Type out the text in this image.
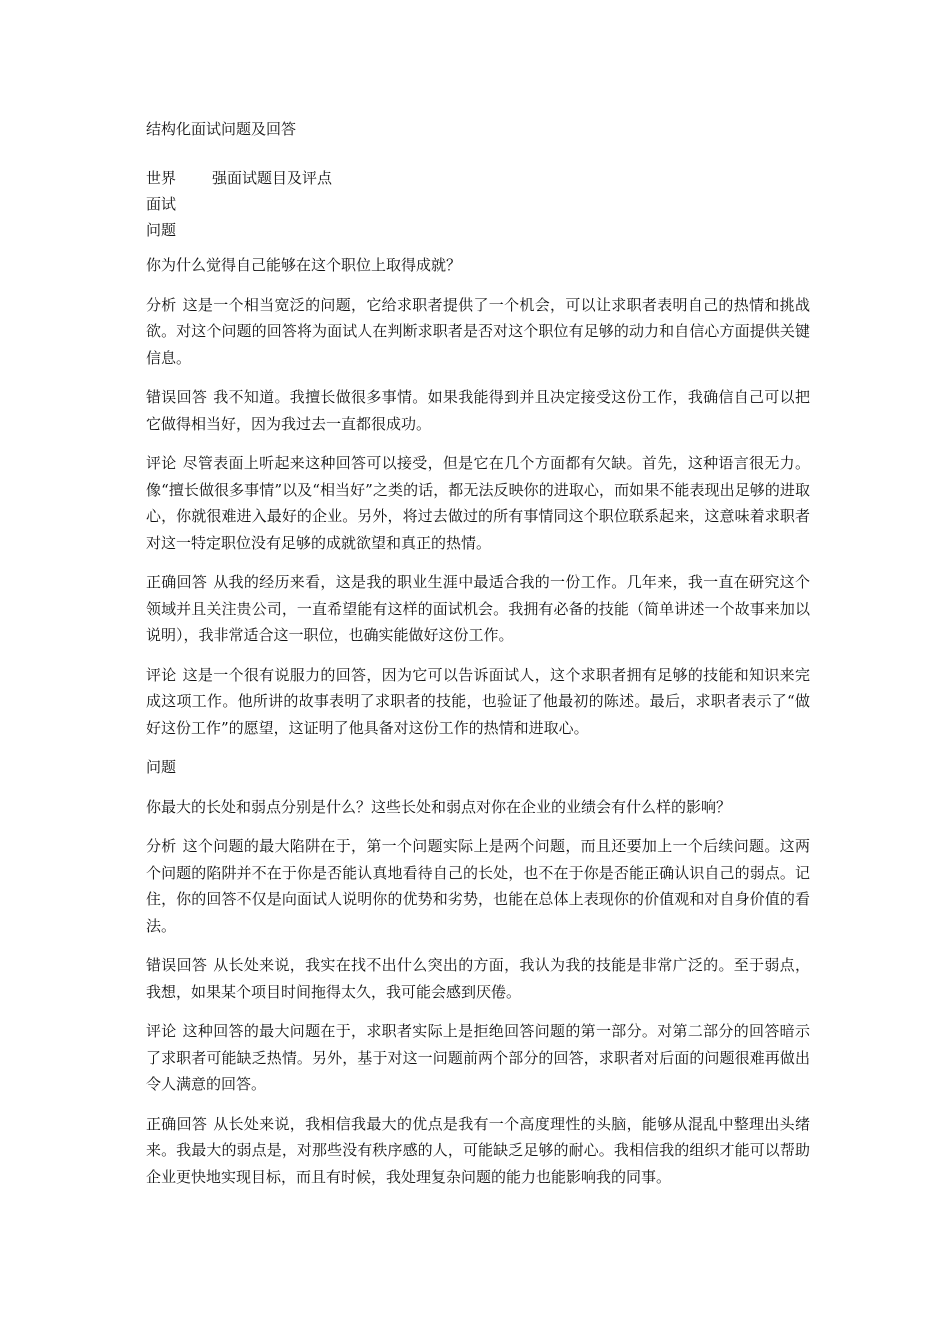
结构化面试问题及回答
世界
面试
问题
强面试题目及评点

你为什么觉得自己能够在这个职位上取得成就？

分析 这是一个相当宽泛的问题，它给求职者提供了一个机会，可以让求职者表明自己的热情和挑战欲。对这个问题的回答将为面试人在判断求职者是否对这个职位有足够的动力和自信心方面提供关键信息。

错误回答 我不知道。我擅长做很多事情。如果我能得到并且决定接受这份工作，我确信自己可以把它做得相当好，因为我过去一直都很成功。

评论 尽管表面上听起来这种回答可以接受，但是它在几个方面都有欠缺。首先，这种语言很无力。像“擅长做很多事情”以及“相当好”之类的话，都无法反映你的进取心，而如果不能表现出足够的进取心，你就很难进入最好的企业。另外，将过去做过的所有事情同这个职位联系起来，这意味着求职者对这一特定职位没有足够的成就欲望和真正的热情。

正确回答 从我的经历来看，这是我的职业生涯中最适合我的一份工作。几年来，我一直在研究这个领域并且关注贵公司，一直希望能有这样的面试机会。我拥有必备的技能（简单讲述一个故事来加以说明），我非常适合这一职位，也确实能做好这份工作。

评论 这是一个很有说服力的回答，因为它可以告诉面试人，这个求职者拥有足够的技能和知识来完成这项工作。他所讲的故事表明了求职者的技能，也验证了他最初的陈述。最后，求职者表示了“做好这份工作”的愿望，这证明了他具备对这份工作的热情和进取心。

问题

你最大的长处和弱点分别是什么？这些长处和弱点对你在企业的业绩会有什么样的影响？

分析 这个问题的最大陷阱在于，第一个问题实际上是两个问题，而且还要加上一个后续问题。这两个问题的陷阱并不在于你是否能认真地看待自己的长处，也不在于你是否能正确认识自己的弱点。记住，你的回答不仅是向面试人说明你的优势和劣势，也能在总体上表现你的价值观和对自身价值的看法。

错误回答 从长处来说，我实在找不出什么突出的方面，我认为我的技能是非常广泛的。至于弱点，我想，如果某个项目时间拖得太久，我可能会感到厌倦。

评论 这种回答的最大问题在于，求职者实际上是拒绝回答问题的第一部分。对第二部分的回答暗示了求职者可能缺乏热情。另外，基于对这一问题前两个部分的回答，求职者对后面的问题很难再做出令人满意的回答。

正确回答 从长处来说，我相信我最大的优点是我有一个高度理性的头脑，能够从混乱中整理出头绪来。我最大的弱点是，对那些没有秩序感的人，可能缺乏足够的耐心。我相信我的组织才能可以帮助企业更快地实现目标，而且有时候，我处理复杂问题的能力也能影响我的同事。
